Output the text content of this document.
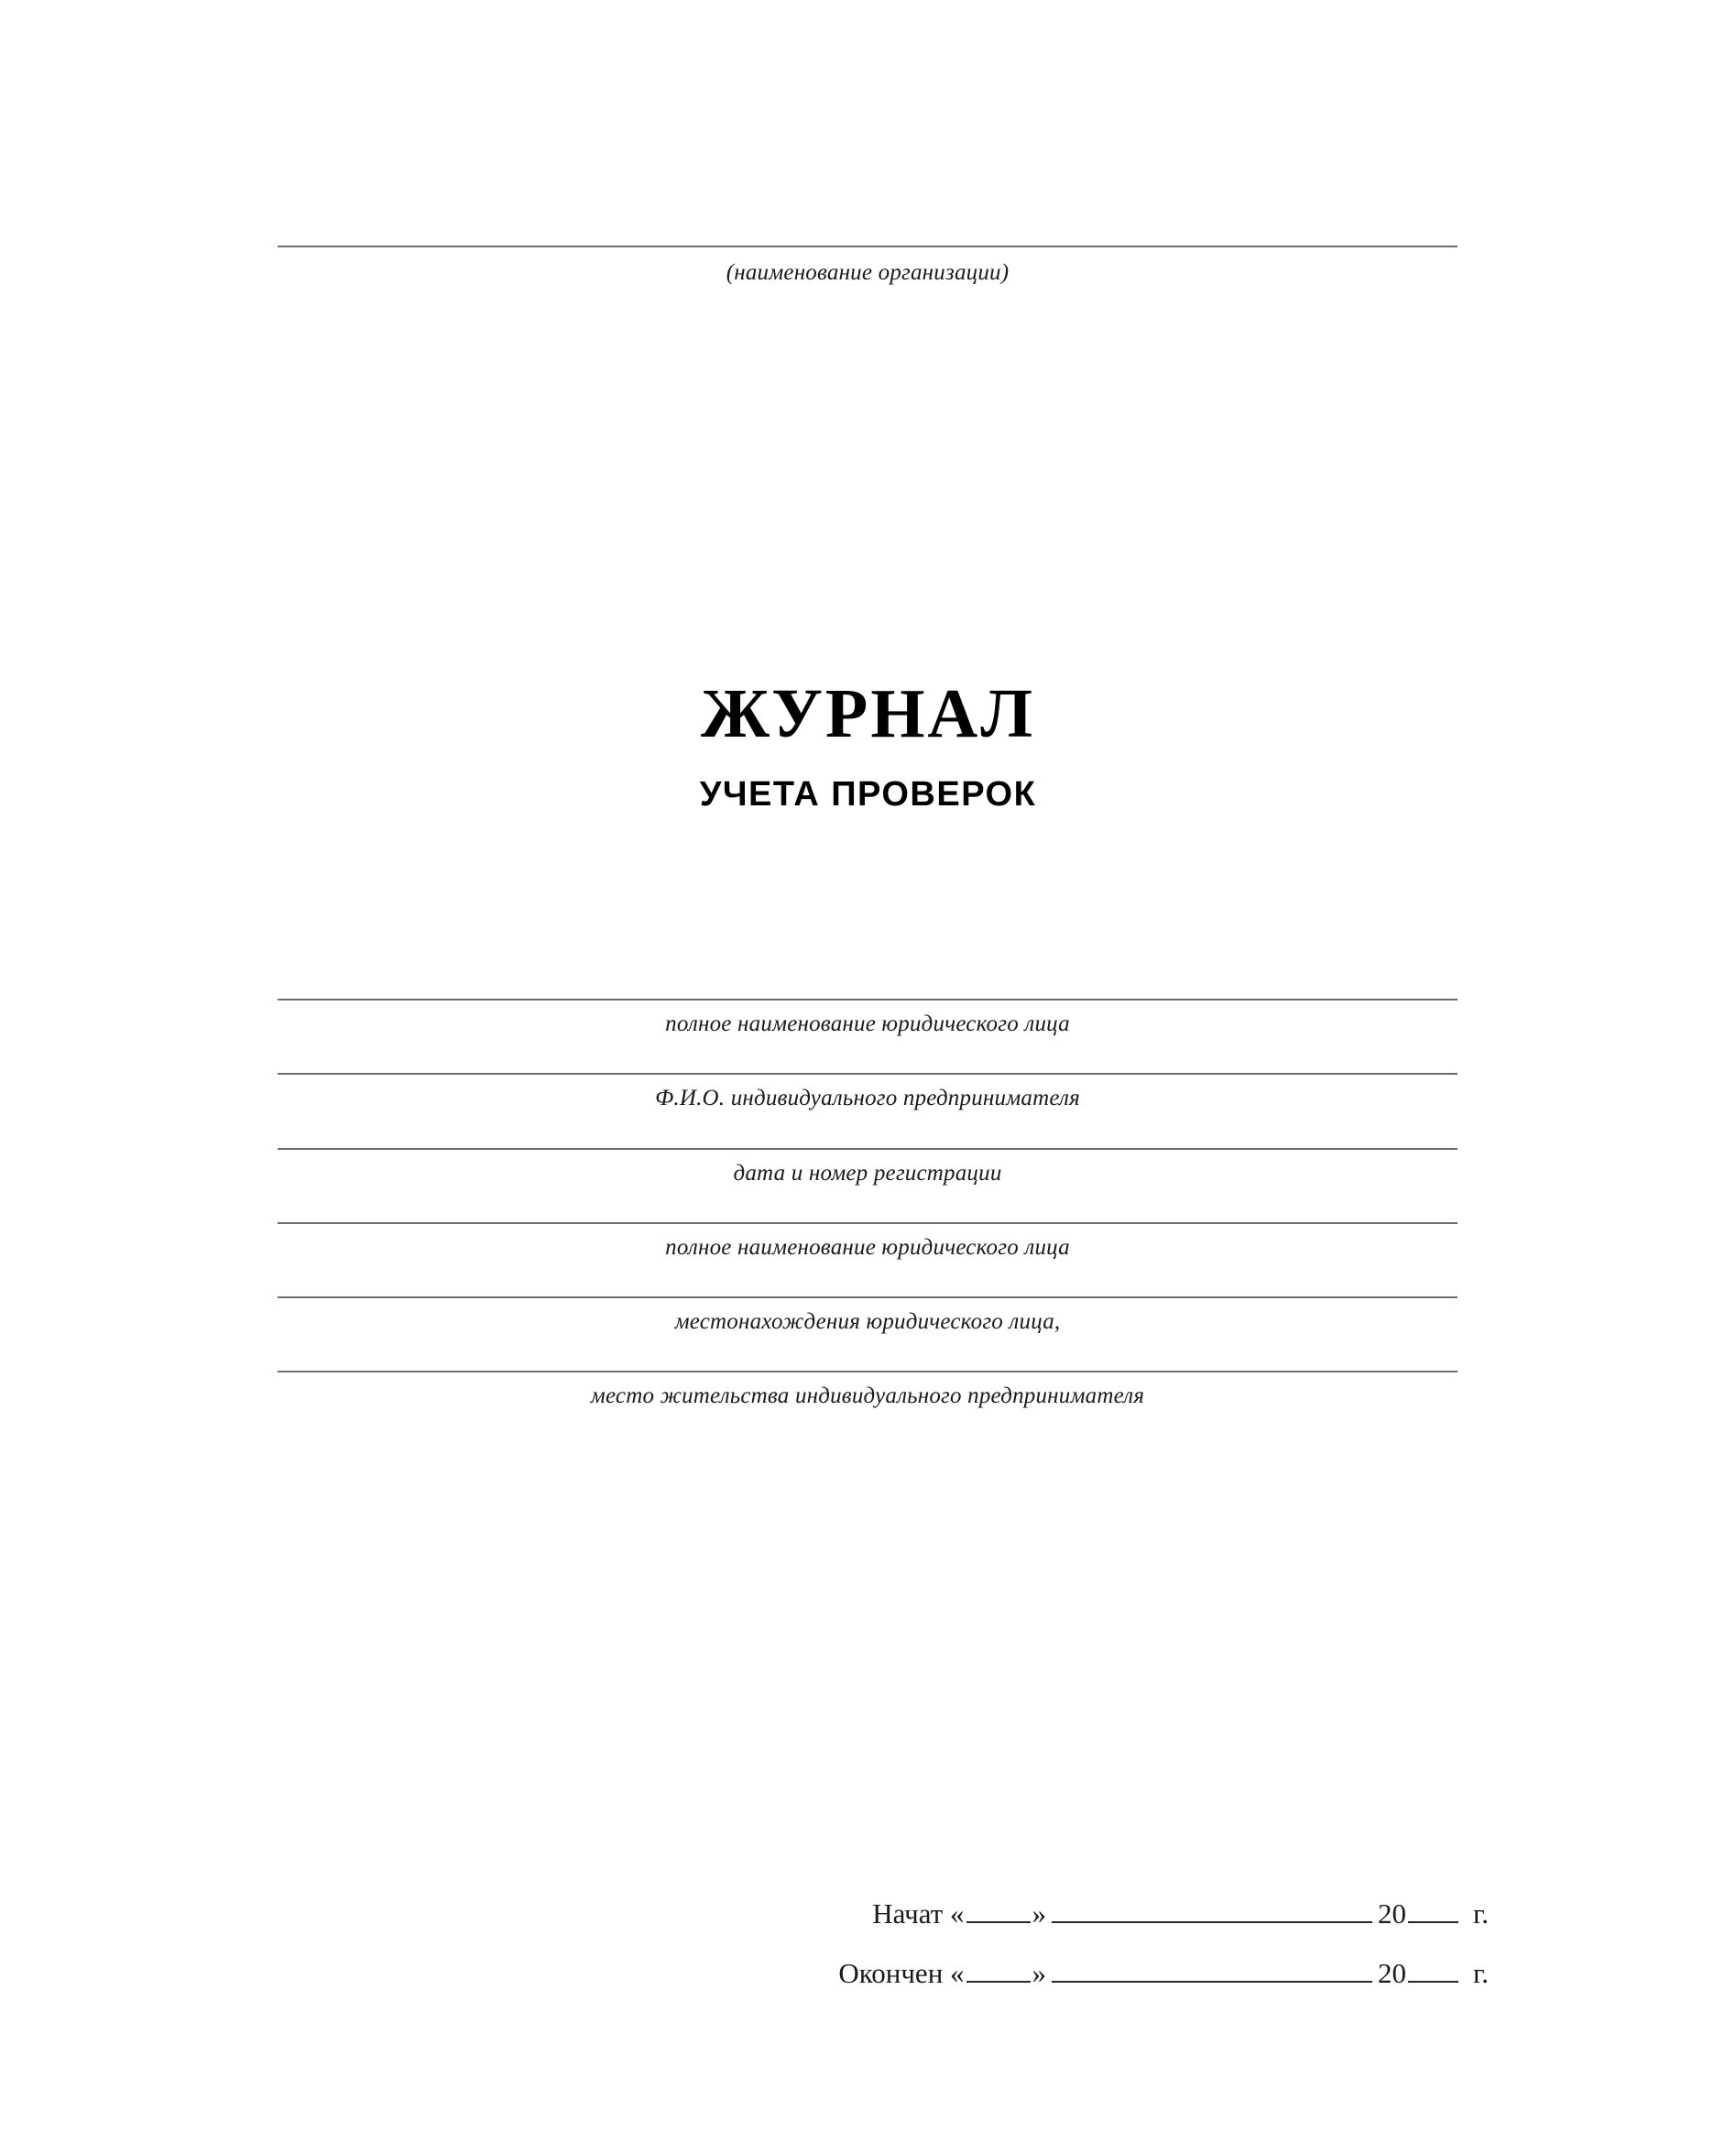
(наименование организации)
ЖУРНАЛ
УЧЕТА ПРОВЕРОК
полное наименование юридического лица
Ф.И.О. индивидуального предпринимателя
дата и номер регистрации
полное наименование юридического лица
местонахождения юридического лица,
место жительства индивидуального предпринимателя
Начат « »	20 г.
Окончен « »	20 г.
